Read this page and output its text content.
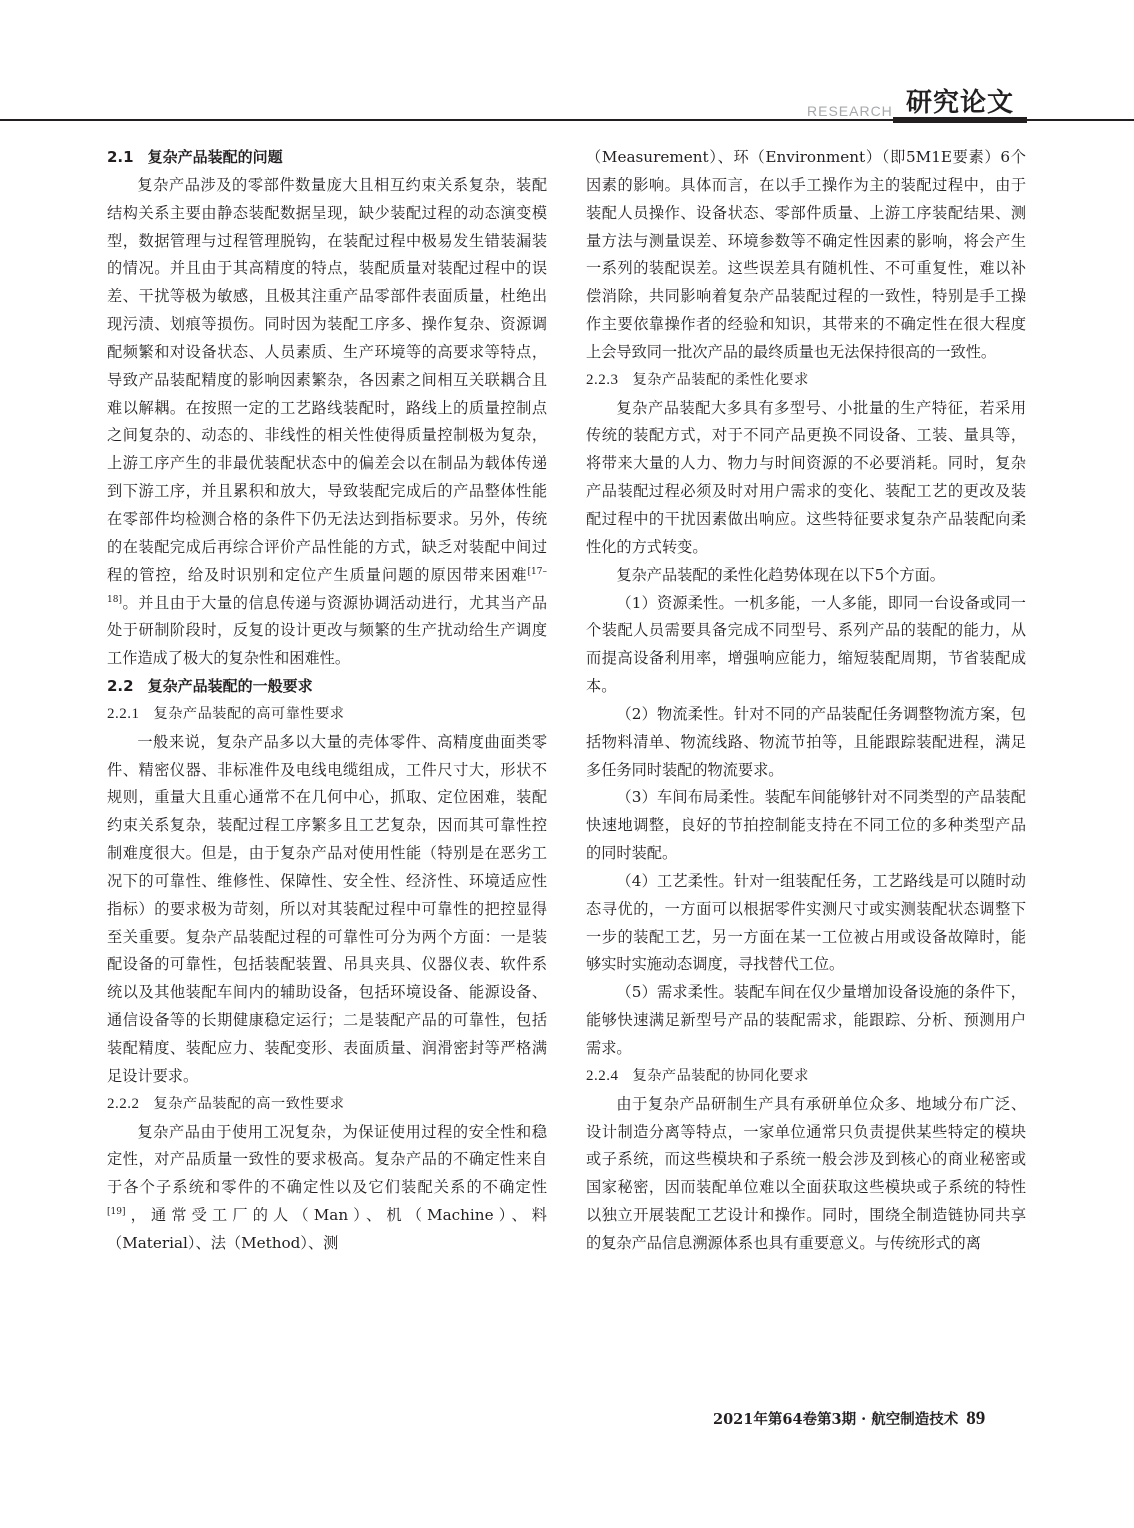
RESEARCH 研究论文

2.1 复杂产品装配的问题

复杂产品涉及的零部件数量庞大且相互约束关系复杂，装配结构关系主要由静态装配数据呈现，缺少装配过程的动态演变模型，数据管理与过程管理脱钩，在装配过程中极易发生错装漏装的情况。并且由于其高精度的特点，装配质量对装配过程中的误差、干扰等极为敏感，且极其注重产品零部件表面质量，杜绝出现污渍、划痕等损伤。同时因为装配工序多、操作复杂、资源调配频繁和对设备状态、人员素质、生产环境等的高要求等特点，导致产品装配精度的影响因素繁杂，各因素之间相互关联耦合且难以解耦。在按照一定的工艺路线装配时，路线上的质量控制点之间复杂的、动态的、非线性的相关性使得质量控制极为复杂，上游工序产生的非最优装配状态中的偏差会以在制品为载体传递到下游工序，并且累积和放大，导致装配完成后的产品整体性能在零部件均检测合格的条件下仍无法达到指标要求。另外，传统的在装配完成后再综合评价产品性能的方式，缺乏对装配中间过程的管控，给及时识别和定位产生质量问题的原因带来困难[17–18]。并且由于大量的信息传递与资源协调活动进行，尤其当产品处于研制阶段时，反复的设计更改与频繁的生产扰动给生产调度工作造成了极大的复杂性和困难性。

2.2 复杂产品装配的一般要求

2.2.1 复杂产品装配的高可靠性要求

一般来说，复杂产品多以大量的壳体零件、高精度曲面类零件、精密仪器、非标准件及电线电缆组成，工件尺寸大，形状不规则，重量大且重心通常不在几何中心，抓取、定位困难，装配约束关系复杂，装配过程工序繁多且工艺复杂，因而其可靠性控制难度很大。但是，由于复杂产品对使用性能（特别是在恶劣工况下的可靠性、维修性、保障性、安全性、经济性、环境适应性指标）的要求极为苛刻，所以对其装配过程中可靠性的把控显得至关重要。复杂产品装配过程的可靠性可分为两个方面：一是装配设备的可靠性，包括装配装置、吊具夹具、仪器仪表、软件系统以及其他装配车间内的辅助设备，包括环境设备、能源设备、通信设备等的长期健康稳定运行；二是装配产品的可靠性，包括装配精度、装配应力、装配变形、表面质量、润滑密封等严格满足设计要求。

2.2.2 复杂产品装配的高一致性要求

复杂产品由于使用工况复杂，为保证使用过程的安全性和稳定性，对产品质量一致性的要求极高。复杂产品的不确定性来自于各个子系统和零件的不确定性以及它们装配关系的不确定性[19]，通常受工厂的人（Man）、机（Machine）、料（Material）、法（Method）、测

（Measurement）、环（Environment）（即5M1E要素）6个因素的影响。具体而言，在以手工操作为主的装配过程中，由于装配人员操作、设备状态、零部件质量、上游工序装配结果、测量方法与测量误差、环境参数等不确定性因素的影响，将会产生一系列的装配误差。这些误差具有随机性、不可重复性，难以补偿消除，共同影响着复杂产品装配过程的一致性，特别是手工操作主要依靠操作者的经验和知识，其带来的不确定性在很大程度上会导致同一批次产品的最终质量也无法保持很高的一致性。

2.2.3 复杂产品装配的柔性化要求

复杂产品装配大多具有多型号、小批量的生产特征，若采用传统的装配方式，对于不同产品更换不同设备、工装、量具等，将带来大量的人力、物力与时间资源的不必要消耗。同时，复杂产品装配过程必须及时对用户需求的变化、装配工艺的更改及装配过程中的干扰因素做出响应。这些特征要求复杂产品装配向柔性化的方式转变。

复杂产品装配的柔性化趋势体现在以下5个方面。

（1）资源柔性。一机多能，一人多能，即同一台设备或同一个装配人员需要具备完成不同型号、系列产品的装配的能力，从而提高设备利用率，增强响应能力，缩短装配周期，节省装配成本。

（2）物流柔性。针对不同的产品装配任务调整物流方案，包括物料清单、物流线路、物流节拍等，且能跟踪装配进程，满足多任务同时装配的物流要求。

（3）车间布局柔性。装配车间能够针对不同类型的产品装配快速地调整，良好的节拍控制能支持在不同工位的多种类型产品的同时装配。

（4）工艺柔性。针对一组装配任务，工艺路线是可以随时动态寻优的，一方面可以根据零件实测尺寸或实测装配状态调整下一步的装配工艺，另一方面在某一工位被占用或设备故障时，能够实时实施动态调度，寻找替代工位。

（5）需求柔性。装配车间在仅少量增加设备设施的条件下，能够快速满足新型号产品的装配需求，能跟踪、分析、预测用户需求。

2.2.4 复杂产品装配的协同化要求

由于复杂产品研制生产具有承研单位众多、地域分布广泛、设计制造分离等特点，一家单位通常只负责提供某些特定的模块或子系统，而这些模块和子系统一般会涉及到核心的商业秘密或国家秘密，因而装配单位难以全面获取这些模块或子系统的特性以独立开展装配工艺设计和操作。同时，围绕全制造链协同共享的复杂产品信息溯源体系也具有重要意义。与传统形式的离

2021年第64卷第3期 · 航空制造技术 89
